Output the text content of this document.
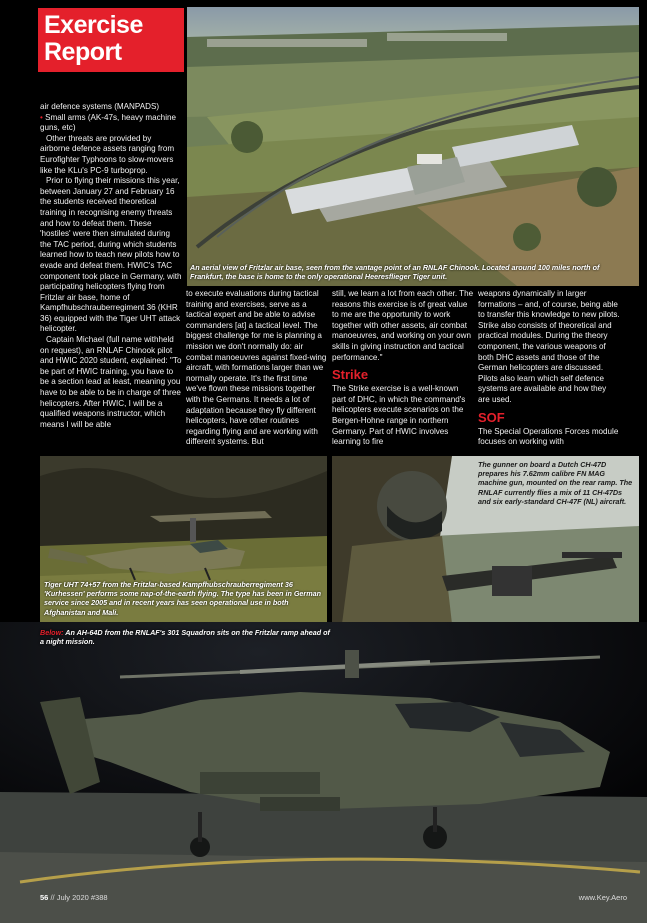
An aerial view of Fritzlar air base, seen from the vantage point of an RNLAF Chinook. Located around 100 miles north of Frankfurt, the base is home to the only operational Heeresflieger Tiger unit.
Exercise
Report

air defence systems (MANPADS)

• Small arms (AK-47s, heavy machine guns, etc)

Other threats are provided by airborne defence assets ranging from Eurofighter Typhoons to slow-movers like the KLu's PC-9 turboprop.

Prior to flying their missions this year, between January 27 and February 16 the students received theoretical training in recognising enemy threats and how to defeat them. These 'hostiles' were then simulated during the TAC period, during which students learned how to teach new pilots how to evade and defeat them. HWIC's TAC component took place in Germany, with participating helicopters flying from Fritzlar air base, home of Kampfhubschrauberregiment 36 (KHR 36) equipped with the Tiger UHT attack helicopter.

Captain Michael (full name withheld on request), an RNLAF Chinook pilot and HWIC 2020 student, explained: "To be part of HWIC training, you have to be a section lead at least, meaning you have to be able to be in charge of three helicopters. After HWIC, I will be a qualified weapons instructor, which means I will be able

to execute evaluations during tactical training and exercises, serve as a tactical expert and be able to advise commanders [at] a tactical level. The biggest challenge for me is planning a mission we don't normally do: air combat manoeuvres against fixed-wing aircraft, with formations larger than we normally operate. It's the first time we've flown these missions together with the Germans. It needs a lot of adaptation because they fly different helicopters, have other routines regarding flying and are working with different systems. But

still, we learn a lot from each other. The reasons this exercise is of great value to me are the opportunity to work together with other assets, air combat manoeuvres, and working on your own skills in giving instruction and tactical performance."

Strike

The Strike exercise is a well-known part of DHC, in which the command's helicopters execute scenarios on the Bergen-Hohne range in northern Germany. Part of HWIC involves learning to fire

weapons dynamically in larger formations – and, of course, being able to transfer this knowledge to new pilots. Strike also consists of theoretical and practical modules. During the theory component, the various weapons of both DHC assets and those of the German helicopters are discussed. Pilots also learn which self defence systems are available and how they are used.

SOF

The Special Operations Forces module focuses on working with

Tiger UHT 74+57 from the Fritzlar-based Kampfhubschrauberregiment 36 'Kurhessen' performs some nap-of-the-earth flying. The type has been in German service since 2005 and in recent years has seen operational use in both Afghanistan and Mali.
The gunner on board a Dutch CH-47D prepares his 7.62mm calibre FN MAG machine gun, mounted on the rear ramp. The RNLAF currently flies a mix of 11 CH-47Ds and six early-standard CH-47F (NL) aircraft.
Below: An AH-64D from the RNLAF's 301 Squadron sits on the Fritzlar ramp ahead of a night mission.
56 // July 2020 #388	www.Key.Aero
